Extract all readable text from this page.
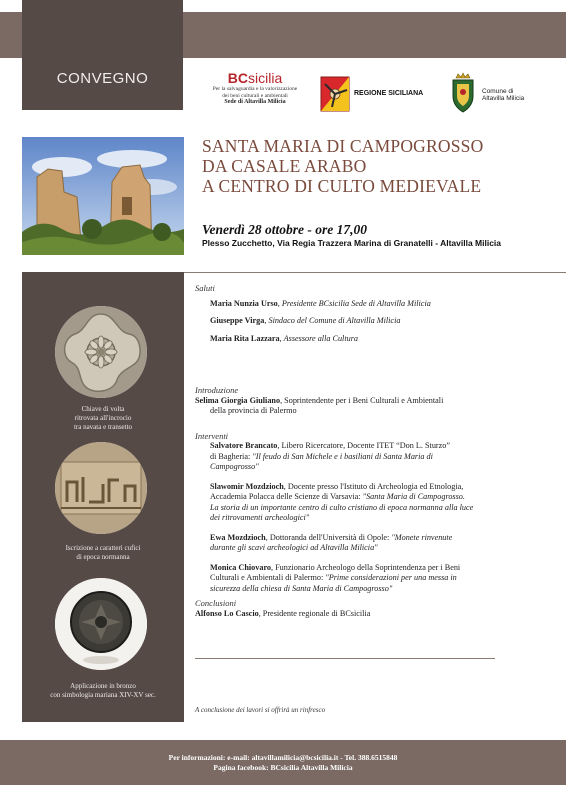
CONVEGNO	BCsicilia
Per la salvaguardia e la valorizzazione
dei beni culturali e ambientali
Sede di Altavilla Milicia
REGIONE SICILIANA	Comune di
Altavilla Milicia
SANTA MARIA DI CAMPOGROSSO
DA CASALE ARABO
A CENTRO DI CULTO MEDIEVALE
Venerdì 28 ottobre - ore 17,00
Plesso Zucchetto, Via Regia Trazzera Marina di Granatelli - Altavilla Milicia
Chiave di volta
ritrovata all'incrocio
tra navata e transetto
Iscrizione a caratteri cufici
di epoca normanna
Applicazione in bronzo
con simbologia mariana XIV-XV sec.
Saluti
Maria Nunzia Urso, Presidente BCsicilia Sede di Altavilla Milicia
Giuseppe Virga, Sindaco del Comune di Altavilla Milicia
Maria Rita Lazzara, Assessore alla Cultura
Introduzione
Selima Giorgia Giuliano, Soprintendente per i Beni Culturali e Ambientali
della provincia di Palermo
Interventi
Salvatore Brancato, Libero Ricercatore, Docente ITET “Don L. Sturzo”
di Bagheria: "Il feudo di San Michele e i basiliani di Santa Maria di
Campogrosso"
Slawomir Mozdzioch, Docente presso l'Istituto di Archeologia ed Etnologia,
Accademia Polacca delle Scienze di Varsavia: "Santa Maria di Campogrosso.
La storia di un importante centro di culto cristiano di epoca normanna alla luce
dei ritrovamenti archeologici"
Ewa Mozdzioch, Dottoranda dell'Università di Opole: "Monete rinvenute
durante gli scavi archeologici ad Altavilla Milicia"
Monica Chiovaro, Funzionario Archeologo della Soprintendenza per i Beni
Culturali e Ambientali di Palermo: "Prime considerazioni per una messa in
sicurezza della chiesa di Santa Maria di Campogrosso"
Conclusioni
Alfonso Lo Cascio, Presidente regionale di BCsicilia
A conclusione dei lavori si offrirà un rinfresco
Per informazioni: e-mail: altavillamilicia@bcsicilia.it - Tel. 388.6515848
Pagina facebook: BCsicilia Altavilla Milicia
